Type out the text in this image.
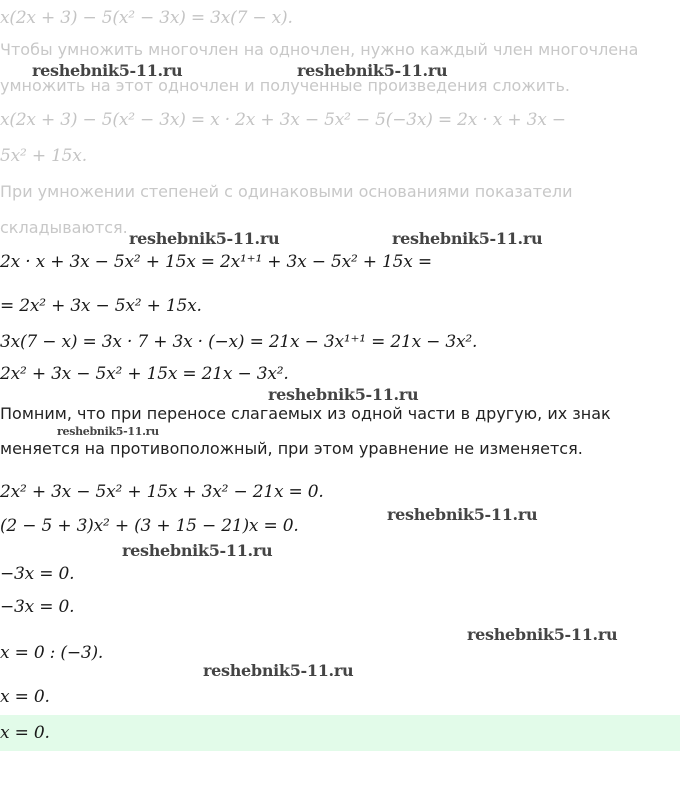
x(2x + 3) − 5(x² − 3x) = 3x(7 − x).
Чтобы умножить многочлен на одночлен, нужно каждый член многочлена
умножить на этот одночлен и полученные произведения сложить.
x(2x + 3) − 5(x² − 3x) = x · 2x + 3x − 5x² − 5(−3x) = 2x · x + 3x −
5x² + 15x.
При умножении степеней с одинаковыми основаниями показатели
складываются.
2x · x + 3x − 5x² + 15x = 2x¹⁺¹ + 3x − 5x² + 15x =
= 2x² + 3x − 5x² + 15x.
3x(7 − x) = 3x · 7 + 3x · (−x) = 21x − 3x¹⁺¹ = 21x − 3x².
2x² + 3x − 5x² + 15x = 21x − 3x².
Помним, что при переносе слагаемых из одной части в другую, их знак
меняется на противоположный, при этом уравнение не изменяется.
2x² + 3x − 5x² + 15x + 3x² − 21x = 0.
(2 − 5 + 3)x² + (3 + 15 − 21)x = 0.
−3x = 0.
−3x = 0.
x = 0 : (−3).
x = 0.
x = 0.
reshebnik5-11.ru	reshebnik5-11.ru
reshebnik5-11.ru	reshebnik5-11.ru
reshebnik5-11.ru
reshebnik5-11.ru
reshebnik5-11.ru
reshebnik5-11.ru
reshebnik5-11.ru
reshebnik5-11.ru
